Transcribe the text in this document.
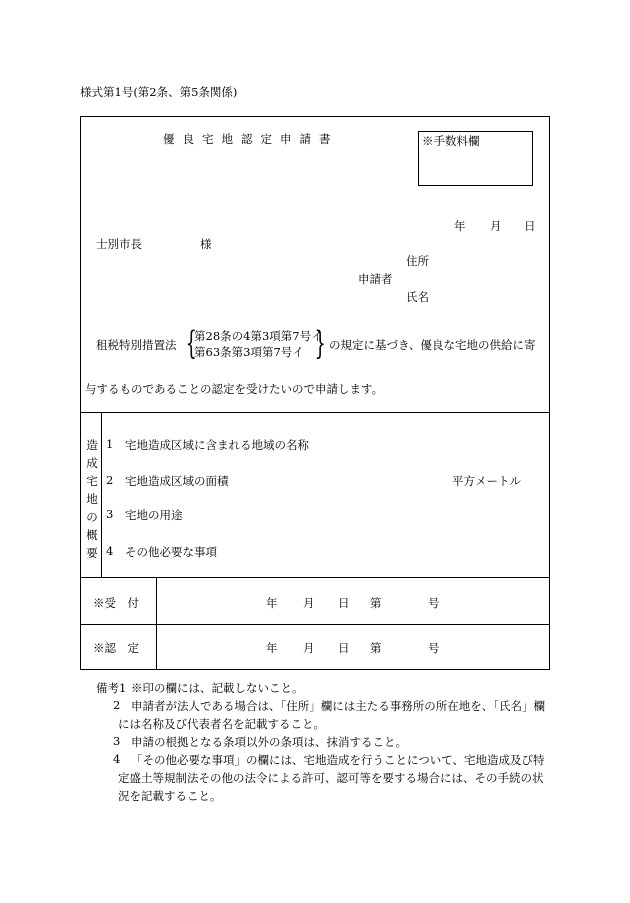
様式第1号(第2条、第5条関係)
優 良 宅 地 認 定 申 請 書	※手数料欄
年 月 日
士別市長	様
住所
申請者
氏名
租税特別措置法 {
第28条の4第3項第7号イ
第63条第3項第7号イ } の規定に基づき、優良な宅地の供給に寄
与するものであることの認定を受けたいので申請します。
造
成
宅
地
の
概
要
1 宅地造成区域に含まれる地域の名称
2 宅地造成区域の面積	平方メートル
3 宅地の用途
4 その他必要な事項
※受　付	年 月 日 第	号
※認　定	年 月 日 第	号
備考1 ※印の欄には、記載しないこと。
2 申請者が法人である場合は、「住所」欄には主たる事務所の所在地を、「氏名」欄
には名称及び代表者名を記載すること。
3 申請の根拠となる条項以外の条項は、抹消すること。
4 「その他必要な事項」の欄には、宅地造成を行うことについて、宅地造成及び特
定盛土等規制法その他の法令による許可、認可等を要する場合には、その手続の状
況を記載すること。
